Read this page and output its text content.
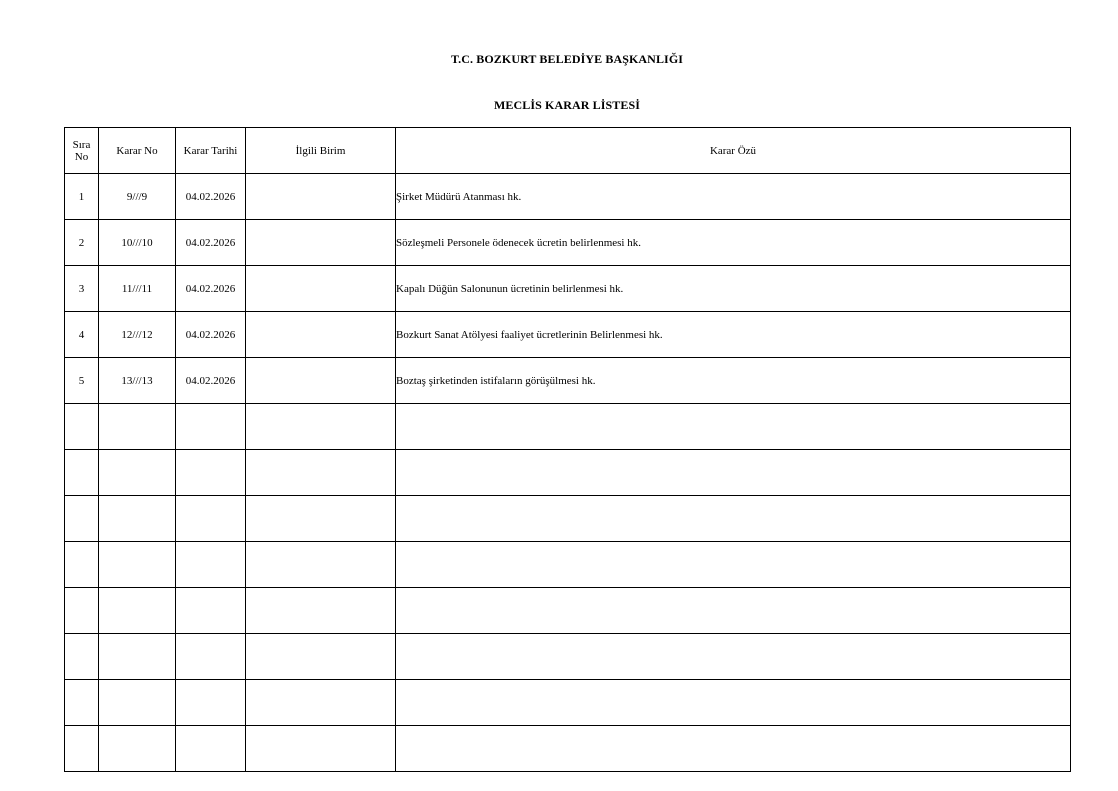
T.C. BOZKURT BELEDİYE BAŞKANLIĞI
MECLİS KARAR LİSTESİ
Sıra
No	Karar No	Karar Tarihi	İlgili Birim	Karar Özü
1	9///9	04.02.2026		Şirket Müdürü Atanması hk.
2	10///10	04.02.2026		Sözleşmeli Personele ödenecek ücretin belirlenmesi hk.
3	11///11	04.02.2026		Kapalı Düğün Salonunun ücretinin belirlenmesi hk.
4	12///12	04.02.2026		Bozkurt Sanat Atölyesi faaliyet ücretlerinin Belirlenmesi hk.
5	13///13	04.02.2026		Boztaş şirketinden istifaların görüşülmesi hk.
